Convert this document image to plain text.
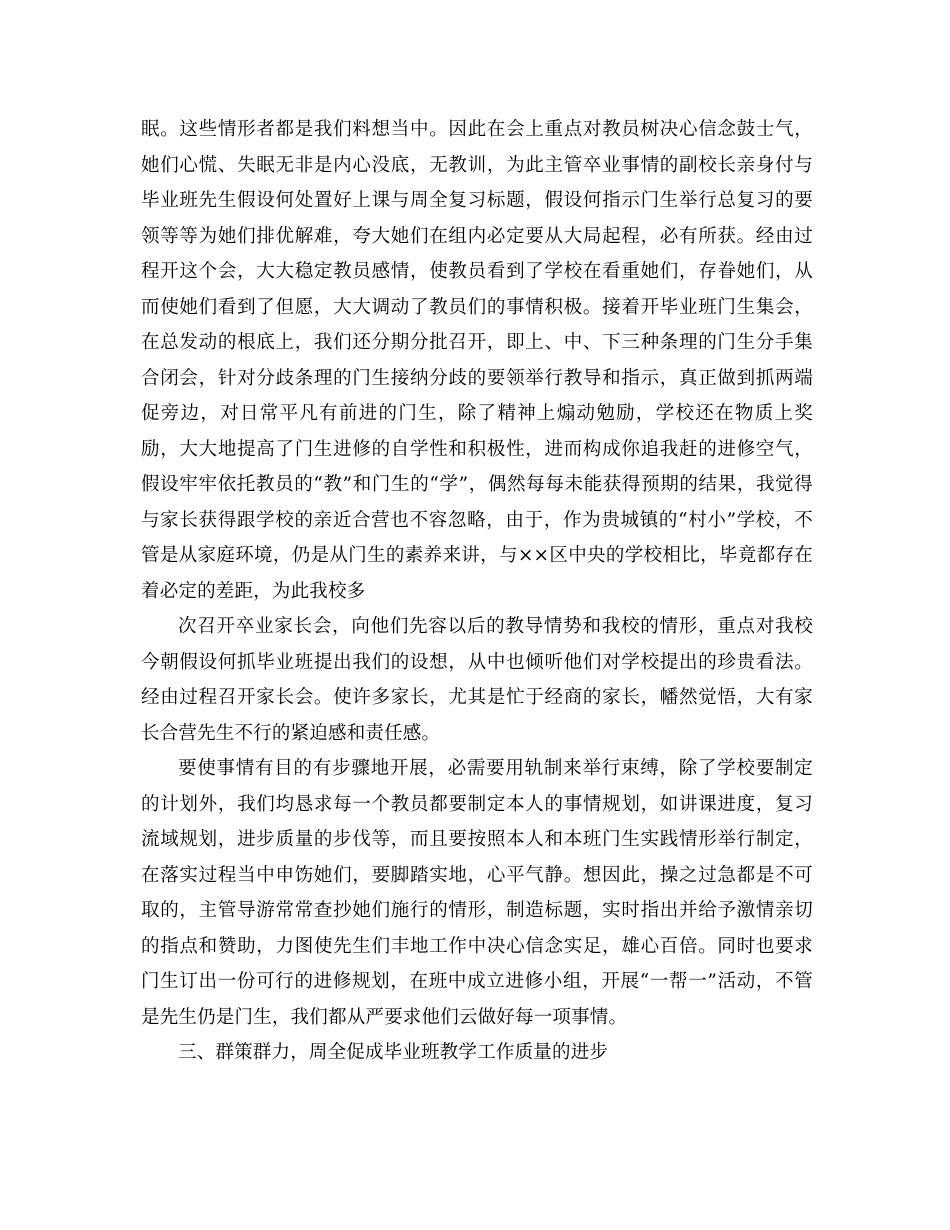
眠。这些情形者都是我们料想当中。因此在会上重点对教员树决心信念鼓士气，她们心慌、失眠无非是内心没底，无教训，为此主管卒业事情的副校长亲身付与毕业班先生假设何处置好上课与周全复习标题，假设何指示门生举行总复习的要领等等为她们排优解难，夸大她们在组内必定要从大局起程，必有所获。经由过程开这个会，大大稳定教员感情，使教员看到了学校在看重她们，存眷她们，从而使她们看到了但愿，大大调动了教员们的事情积极。接着开毕业班门生集会，在总发动的根底上，我们还分期分批召开，即上、中、下三种条理的门生分手集合闭会，针对分歧条理的门生接纳分歧的要领举行教导和指示，真正做到抓两端促旁边，对日常平凡有前进的门生，除了精神上煽动勉励，学校还在物质上奖励，大大地提高了门生进修的自学性和积极性，进而构成你追我赶的进修空气，假设牢牢依托教员的“教”和门生的“学”，偶然每每未能获得预期的结果，我觉得与家长获得跟学校的亲近合营也不容忽略，由于，作为贵城镇的“村小”学校，不管是从家庭环境，仍是从门生的素养来讲，与××区中央的学校相比，毕竟都存在着必定的差距，为此我校多

次召开卒业家长会，向他们先容以后的教导情势和我校的情形，重点对我校今朝假设何抓毕业班提出我们的设想，从中也倾听他们对学校提出的珍贵看法。经由过程召开家长会。使许多家长，尤其是忙于经商的家长，幡然觉悟，大有家长合营先生不行的紧迫感和责任感。

要使事情有目的有步骤地开展，必需要用轨制来举行束缚，除了学校要制定的计划外，我们均恳求每一个教员都要制定本人的事情规划，如讲课进度，复习流域规划，进步质量的步伐等，而且要按照本人和本班门生实践情形举行制定，在落实过程当中申饬她们，要脚踏实地，心平气静。想因此，操之过急都是不可取的，主管导游常常查抄她们施行的情形，制造标题，实时指出并给予激情亲切的指点和赞助，力图使先生们丰地工作中决心信念实足，雄心百倍。同时也要求门生订出一份可行的进修规划，在班中成立进修小组，开展“一帮一”活动，不管是先生仍是门生，我们都从严要求他们云做好每一项事情。

三、群策群力，周全促成毕业班教学工作质量的进步
